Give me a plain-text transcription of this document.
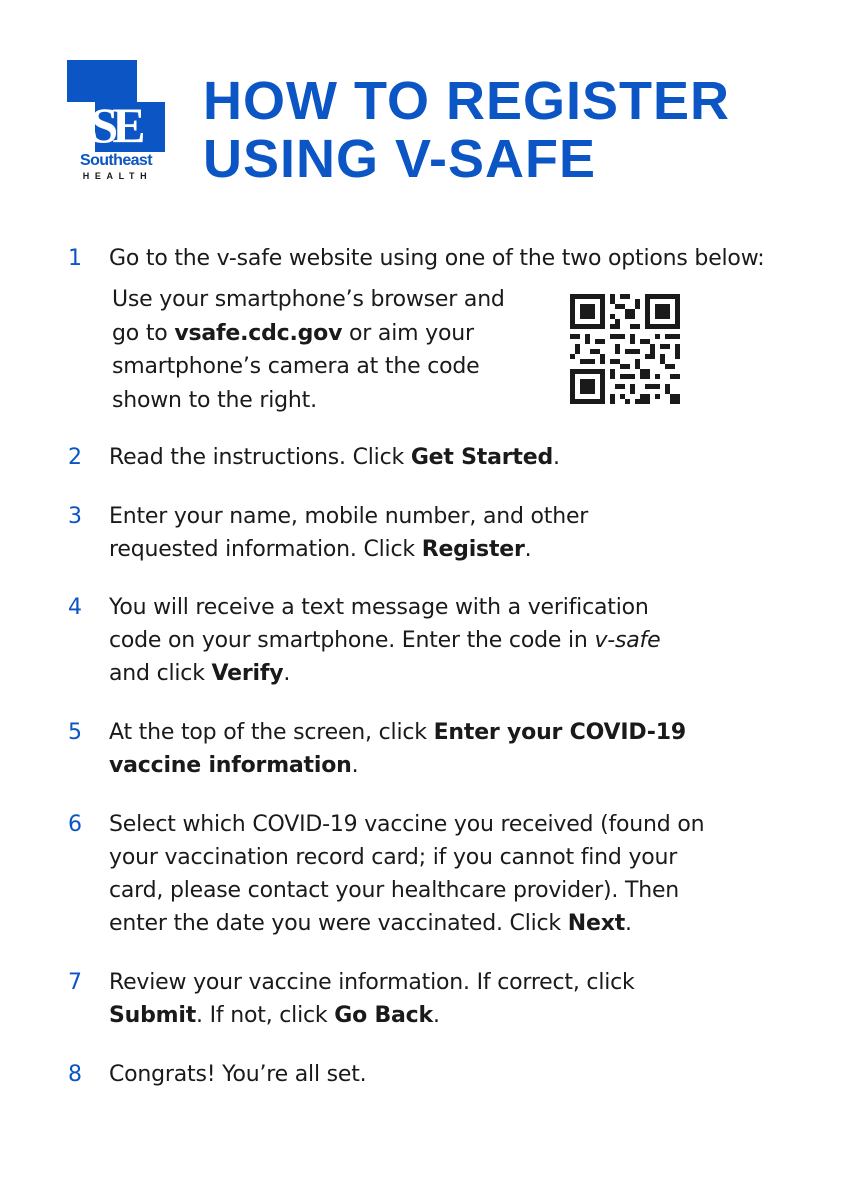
SE
Southeast
HEALTH
HOW TO REGISTER
USING V-SAFE
1	Go to the v-safe website using one of the two options below:
Use your smartphone’s browser and
go to vsafe.cdc.gov or aim your
smartphone’s camera at the code
shown to the right.
2	Read the instructions. Click Get Started.
3	Enter your name, mobile number, and other
requested information. Click Register.
4	You will receive a text message with a verification
code on your smartphone. Enter the code in v-safe
and click Verify.
5	At the top of the screen, click Enter your COVID-19
vaccine information.
6	Select which COVID-19 vaccine you received (found on
your vaccination record card; if you cannot find your
card, please contact your healthcare provider). Then
enter the date you were vaccinated. Click Next.
7	Review your vaccine information. If correct, click
Submit. If not, click Go Back.
8	Congrats! You’re all set.
